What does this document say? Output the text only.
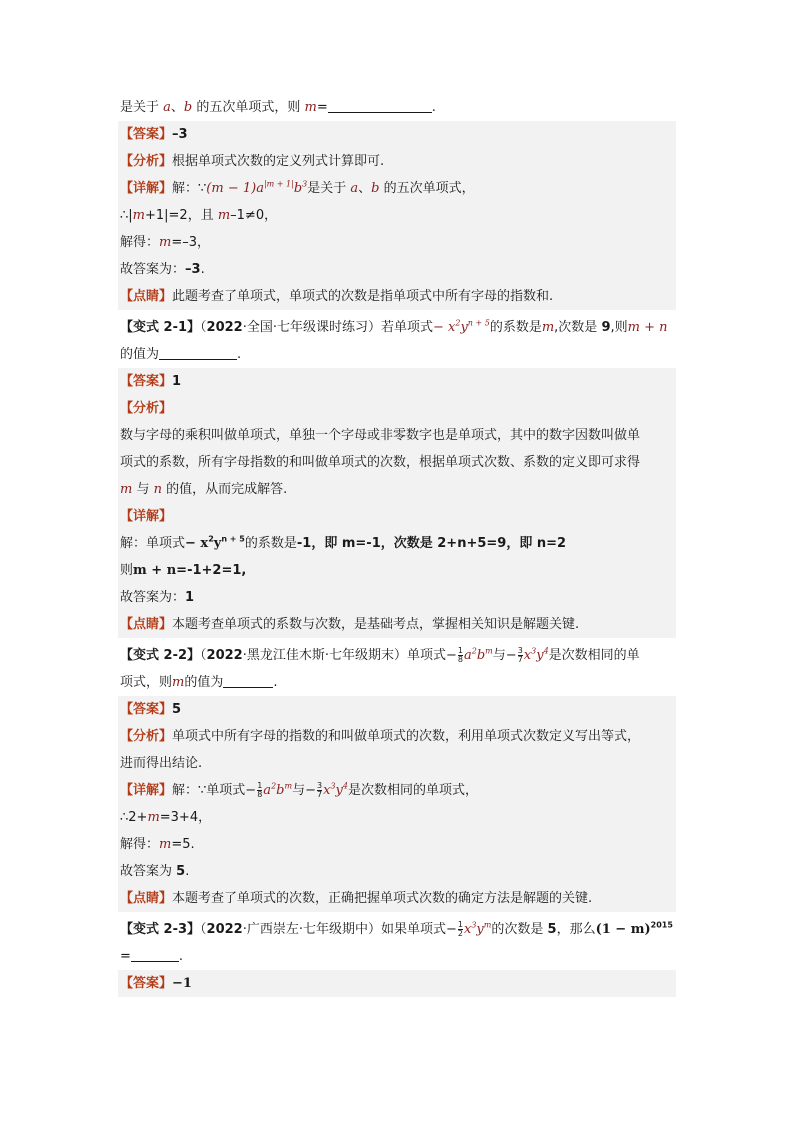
是关于 a、b 的五次单项式，则 m=	.
【答案】–3
【分析】根据单项式次数的定义列式计算即可.
【详解】解：∵(m − $1)a^{|m + 1|}b^3$是关于 a、b 的五次单项式，
∴|m+1|=2，且 m–1≠0，
解得：m=–3，
故答案为：–3.
【点睛】此题考查了单项式，单项式的次数是指单项式中所有字母的指数和.
【变式 2-1】（2022·全国·七年级课时练习）若单项式− $x^2y^{n + 5}$的系数是m,次数是 9,则m + n
的值为	.
【答案】1
【分析】
数与字母的乘积叫做单项式，单独一个字母或非零数字也是单项式，其中的数字因数叫做单
项式的系数，所有字母指数的和叫做单项式的次数，根据单项式次数、系数的定义即可求得
m 与 n 的值，从而完成解答.
【详解】
解：单项式− $x^2y^{n + 5}$的系数是-1，即 m=-1，次数是 2+n+5=9，即 n=2
则m + n=-1+2=1,
故答案为：1
【点睛】本题考查单项式的系数与次数，是基础考点，掌握相关知识是解题关键.
【变式 2-2】（2022·黑龙江佳木斯·七年级期末）单项式− $\frac{1}{8} a^2b^m$与− $\frac{3}{7} x^3y^4$是次数相同的单
项式，则m的值为	.
【答案】5
【分析】单项式中所有字母的指数的和叫做单项式的次数，利用单项式次数定义写出等式，
进而得出结论.
【详解】解：∵单项式− $\frac{1}{8} a^2b^m$与− $\frac{3}{7} x^3y^4$是次数相同的单项式，
∴2+m=3+4，
解得：m=5.
故答案为 5.
【点睛】本题考查了单项式的次数，正确把握单项式次数的确定方法是解题的关键.
【变式 2-3】（2022·广西崇左·七年级期中）如果单项式− $\frac{1}{2} x^3y^m$的次数是 5，那么$(1 - m)^{2015}$
=	.
【答案】−1
